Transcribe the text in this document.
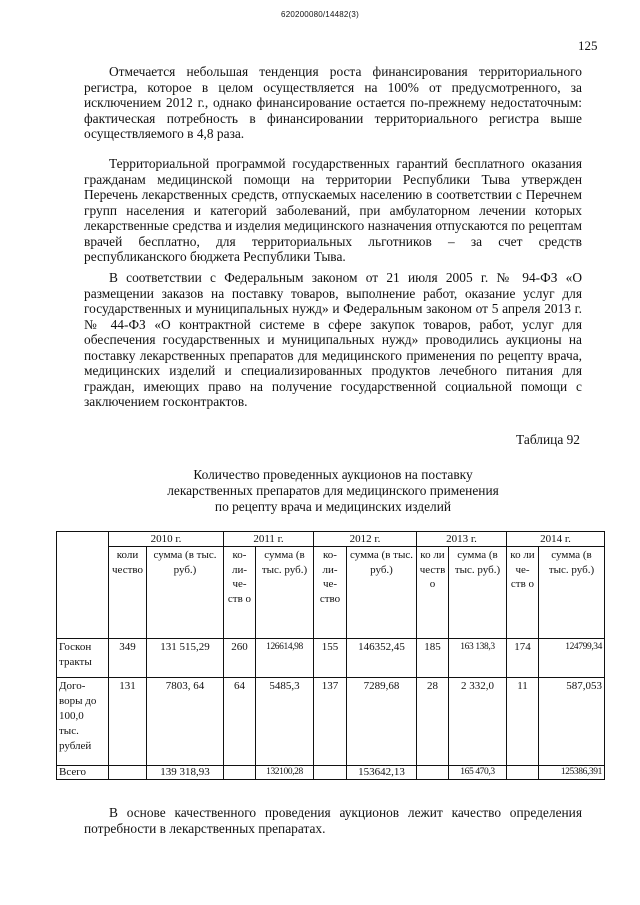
620200080/14482(3)
125

Отмечается небольшая тенденция роста финансирования территориального регистра, которое в целом осуществляется на 100% от предусмотренного, за исключением 2012 г., однако финансирование остается по-прежнему недостаточным: фактическая потребность в финансировании территориального регистра выше осуществляемого в 4,8 раза.

Территориальной программой государственных гарантий бесплатного оказания гражданам медицинской помощи на территории Республики Тыва утвержден Перечень лекарственных средств, отпускаемых населению в соответствии с Перечнем групп населения и категорий заболеваний, при амбулаторном лечении которых лекарственные средства и изделия медицинского назначения отпускаются по рецептам врачей бесплатно, для территориальных льготников – за счет средств республиканского бюджета Республики Тыва.

В соответствии с Федеральным законом от 21 июля 2005 г. № 94-ФЗ «О размещении заказов на поставку товаров, выполнение работ, оказание услуг для государственных и муниципальных нужд» и Федеральным законом от 5 апреля 2013 г. № 44-ФЗ «О контрактной системе в сфере закупок товаров, работ, услуг для обеспечения государственных и муниципальных нужд» проводились аукционы на поставку лекарственных препаратов для медицинского применения по рецепту врача, медицинских изделий и специализированных продуктов лечебного питания для граждан, имеющих право на получение государственной социальной помощи с заключением госконтрактов.

Таблица 92
Количество проведенных аукционов на поставку
лекарственных препаратов для медицинского применения
по рецепту врача и медицинских изделий
	2010 г.		2011 г.		2012 г.		2013 г.		2014 г.	
	коли чество	сумма (в тыс. руб.)	ко- ли- че- ств о	сумма (в тыс. руб.)	ко- ли- че- ство	сумма (в тыс. руб.)	ко ли честв о	сумма (в тыс. руб.)	ко ли че- ств о	сумма (в тыс. руб.)
Госкон тракты	349	131 515,29	260	126614,98	155	146352,45	185	163 138,3	174	124799,34
Дого- воры до 100,0 тыс. рублей	131	7803, 64	64	5485,3	137	7289,68	28	2 332,0	11	587,053
Всего		139 318,93		132100,28		153642,13		165 470,3		125386,391

В основе качественного проведения аукционов лежит качество определения потребности в лекарственных препаратах.
